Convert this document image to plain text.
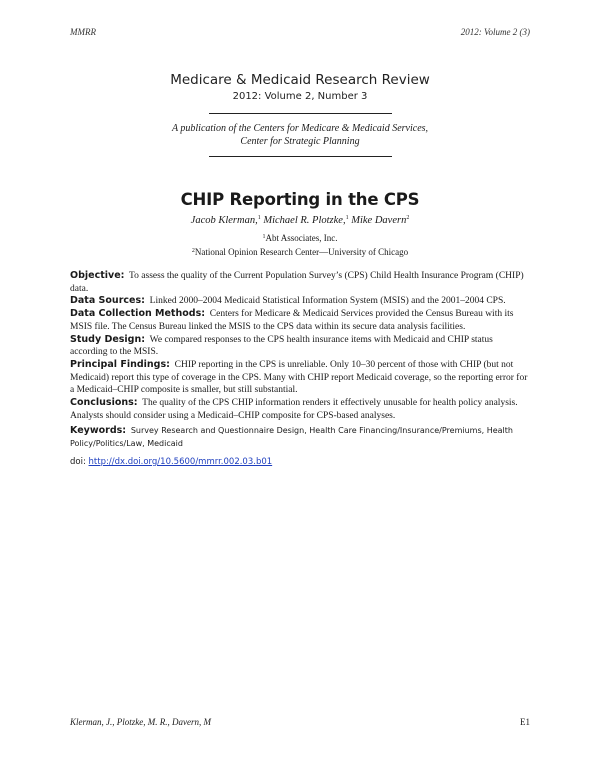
MMRR	2012: Volume 2 (3)
Medicare & Medicaid Research Review
2012: Volume 2, Number 3
A publication of the Centers for Medicare & Medicaid Services,
Center for Strategic Planning
CHIP Reporting in the CPS
Jacob Klerman,$^1$ Michael R. Plotzke,$^1$ Mike Davern$^2$
$^1$Abt Associates, Inc.
$^2$National Opinion Research Center—University of Chicago

Objective: To assess the quality of the Current Population Survey’s (CPS) Child Health Insurance Program (CHIP) data.

Data Sources: Linked 2000–2004 Medicaid Statistical Information System (MSIS) and the 2001–2004 CPS.

Data Collection Methods: Centers for Medicare & Medicaid Services provided the Census Bureau with its MSIS file. The Census Bureau linked the MSIS to the CPS data within its secure data analysis facilities.

Study Design: We compared responses to the CPS health insurance items with Medicaid and CHIP status according to the MSIS.

Principal Findings: CHIP reporting in the CPS is unreliable. Only 10–30 percent of those with CHIP (but not Medicaid) report this type of coverage in the CPS. Many with CHIP report Medicaid coverage, so the reporting error for a Medicaid–CHIP composite is smaller, but still substantial.

Conclusions: The quality of the CPS CHIP information renders it effectively unusable for health policy analysis. Analysts should consider using a Medicaid–CHIP composite for CPS-based analyses.

Keywords: Survey Research and Questionnaire Design, Health Care Financing/Insurance/Premiums, Health Policy/Politics/Law, Medicaid

doi: http://dx.doi.org/10.5600/mmrr.002.03.b01

Klerman, J., Plotzke, M. R., Davern, M	E1
